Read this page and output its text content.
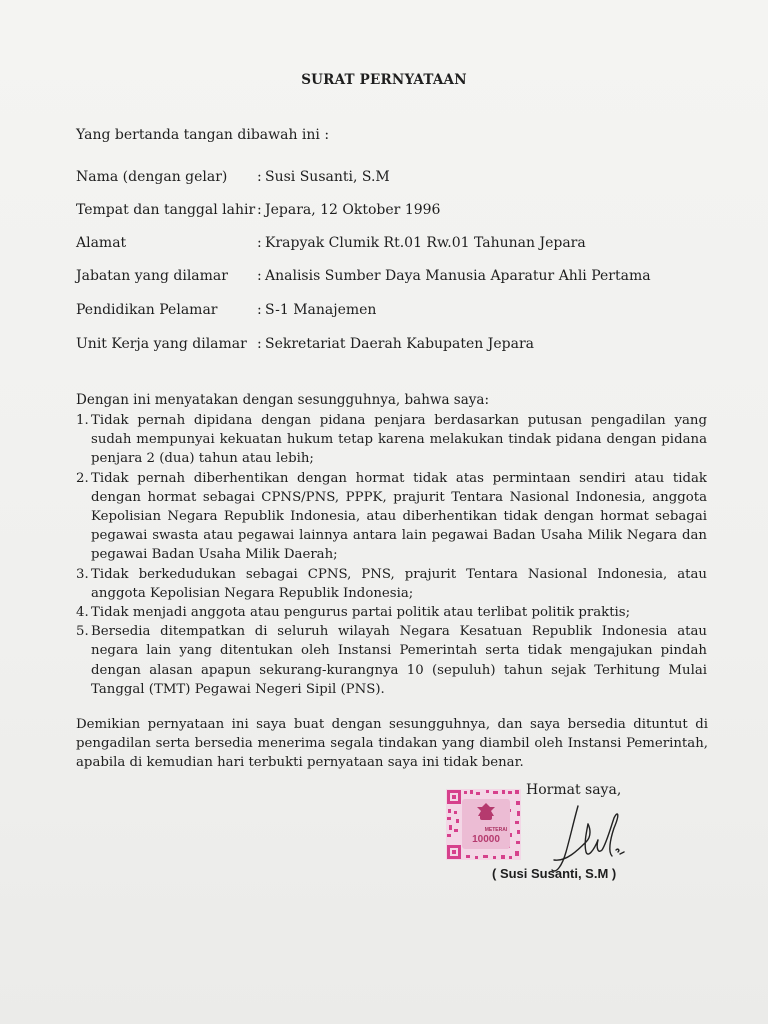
SURAT PERNYATAAN
Yang bertanda tangan dibawah ini :
Nama (dengan gelar) : Susi Susanti, S.M
Tempat dan tanggal lahir : Jepara, 12 Oktober 1996
Alamat	: Krapyak Clumik Rt.01 Rw.01 Tahunan Jepara
Jabatan yang dilamar : Analisis Sumber Daya Manusia Aparatur Ahli Pertama
Pendidikan Pelamar	: S-1 Manajemen
Unit Kerja yang dilamar : Sekretariat Daerah Kabupaten Jepara
Dengan ini menyatakan dengan sesungguhnya, bahwa saya:
1. Tidak pernah dipidana dengan pidana penjara berdasarkan putusan pengadilan yang sudah mempunyai kekuatan hukum tetap karena melakukan tindak pidana dengan pidana penjara 2 (dua) tahun atau lebih;
2. Tidak pernah diberhentikan dengan hormat tidak atas permintaan sendiri atau tidak dengan hormat sebagai CPNS/PNS, PPPK, prajurit Tentara Nasional Indonesia, anggota Kepolisian Negara Republik Indonesia, atau diberhentikan tidak dengan hormat sebagai pegawai swasta atau pegawai lainnya antara lain pegawai Badan Usaha Milik Negara dan pegawai Badan Usaha Milik Daerah;
3. Tidak berkedudukan sebagai CPNS, PNS, prajurit Tentara Nasional Indonesia, atau anggota Kepolisian Negara Republik Indonesia;
4. Tidak menjadi anggota atau pengurus partai politik atau terlibat politik praktis;
5. Bersedia ditempatkan di seluruh wilayah Negara Kesatuan Republik Indonesia atau negara lain yang ditentukan oleh Instansi Pemerintah serta tidak mengajukan pindah dengan alasan apapun sekurang-kurangnya 10 (sepuluh) tahun sejak Terhitung Mulai Tanggal (TMT) Pegawai Negeri Sipil (PNS).
Demikian pernyataan ini saya buat dengan sesungguhnya, dan saya bersedia dituntut di pengadilan serta bersedia menerima segala tindakan yang diambil oleh Instansi Pemerintah, apabila di kemudian hari terbukti pernyataan saya ini tidak benar.
Hormat saya,
METERAI
10000
( Susi Susanti, S.M )
